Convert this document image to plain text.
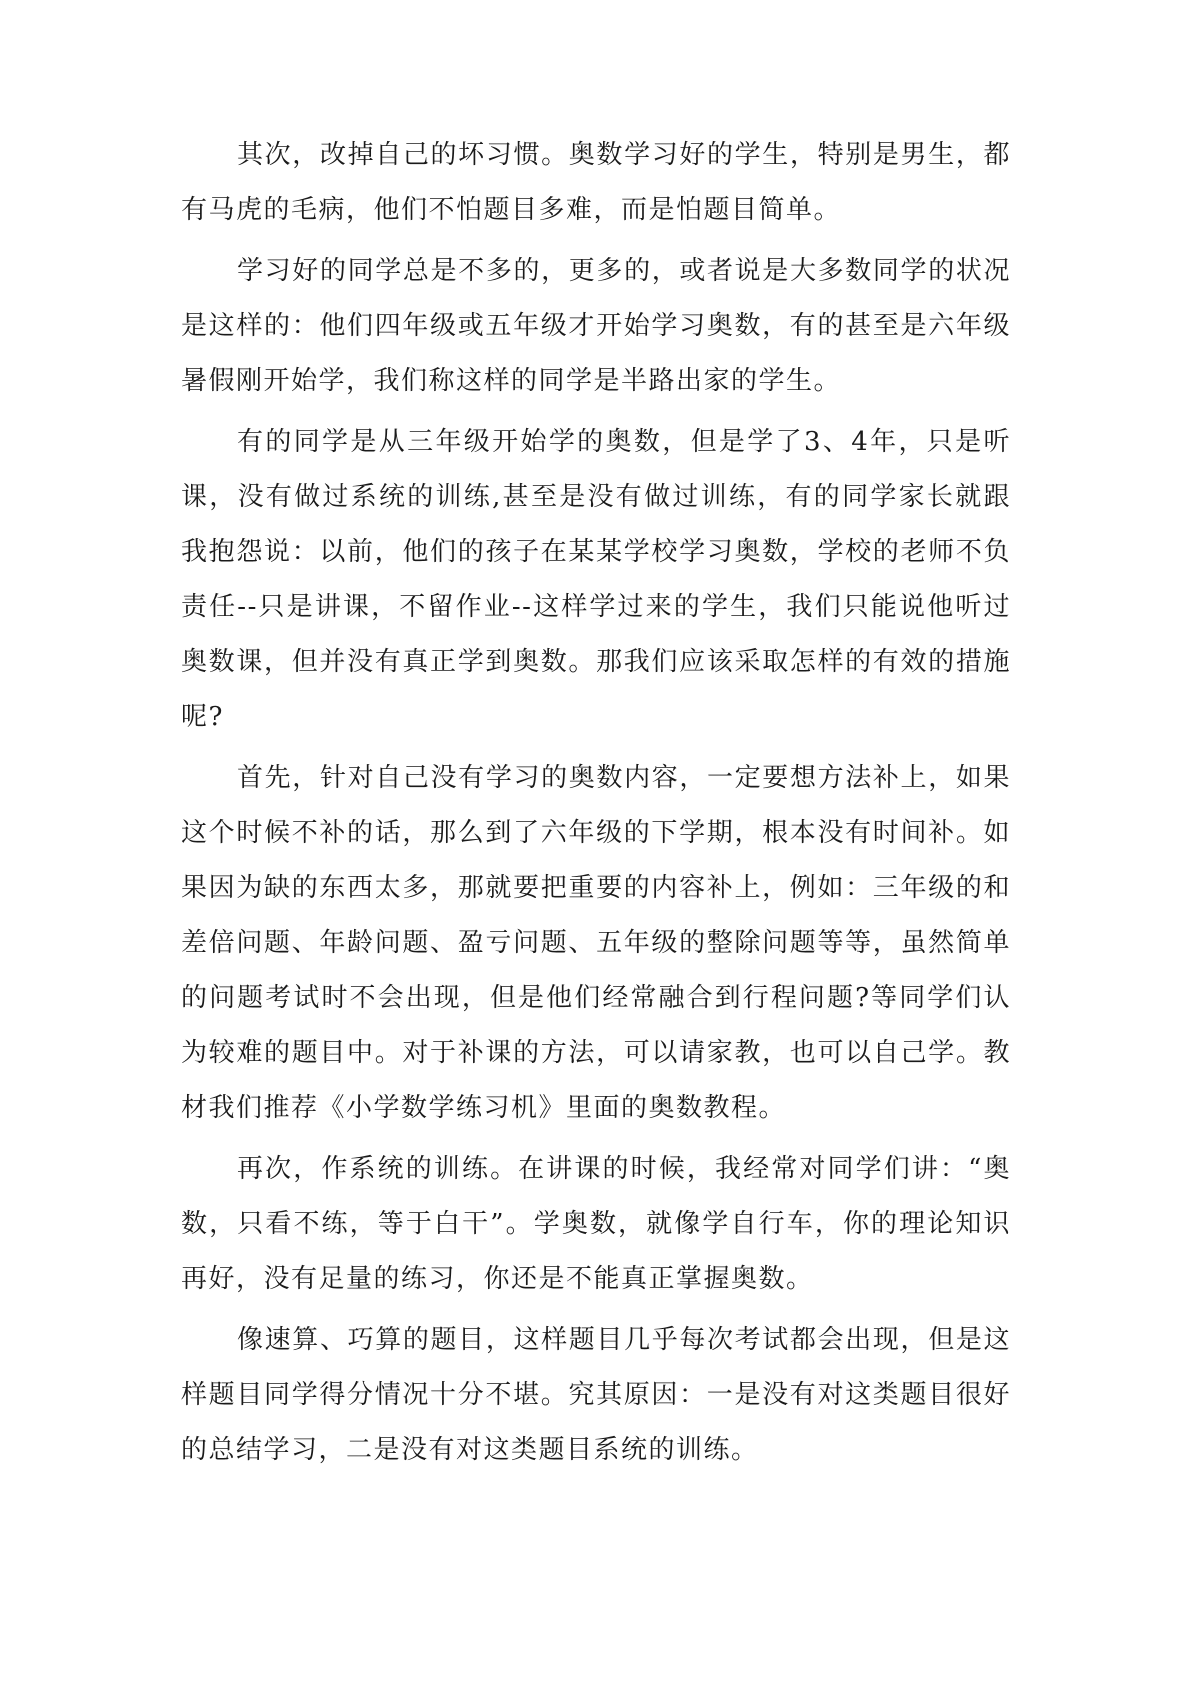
其次，改掉自己的坏习惯。奥数学习好的学生，特别是男生，都有马虎的毛病，他们不怕题目多难，而是怕题目简单。

学习好的同学总是不多的，更多的，或者说是大多数同学的状况是这样的：他们四年级或五年级才开始学习奥数，有的甚至是六年级暑假刚开始学，我们称这样的同学是半路出家的学生。

有的同学是从三年级开始学的奥数，但是学了3、4年，只是听课，没有做过系统的训练,甚至是没有做过训练，有的同学家长就跟我抱怨说：以前，他们的孩子在某某学校学习奥数，学校的老师不负责任--只是讲课，不留作业--这样学过来的学生，我们只能说他听过奥数课，但并没有真正学到奥数。那我们应该采取怎样的有效的措施呢?

首先，针对自己没有学习的奥数内容，一定要想方法补上，如果这个时候不补的话，那么到了六年级的下学期，根本没有时间补。如果因为缺的东西太多，那就要把重要的内容补上，例如：三年级的和差倍问题、年龄问题、盈亏问题、五年级的整除问题等等，虽然简单的问题考试时不会出现，但是他们经常融合到行程问题?等同学们认为较难的题目中。对于补课的方法，可以请家教，也可以自己学。教材我们推荐《小学数学练习机》里面的奥数教程。

再次，作系统的训练。在讲课的时候，我经常对同学们讲：“奥数，只看不练，等于白干”。学奥数，就像学自行车，你的理论知识再好，没有足量的练习，你还是不能真正掌握奥数。

像速算、巧算的题目，这样题目几乎每次考试都会出现，但是这样题目同学得分情况十分不堪。究其原因：一是没有对这类题目很好的总结学习，二是没有对这类题目系统的训练。
